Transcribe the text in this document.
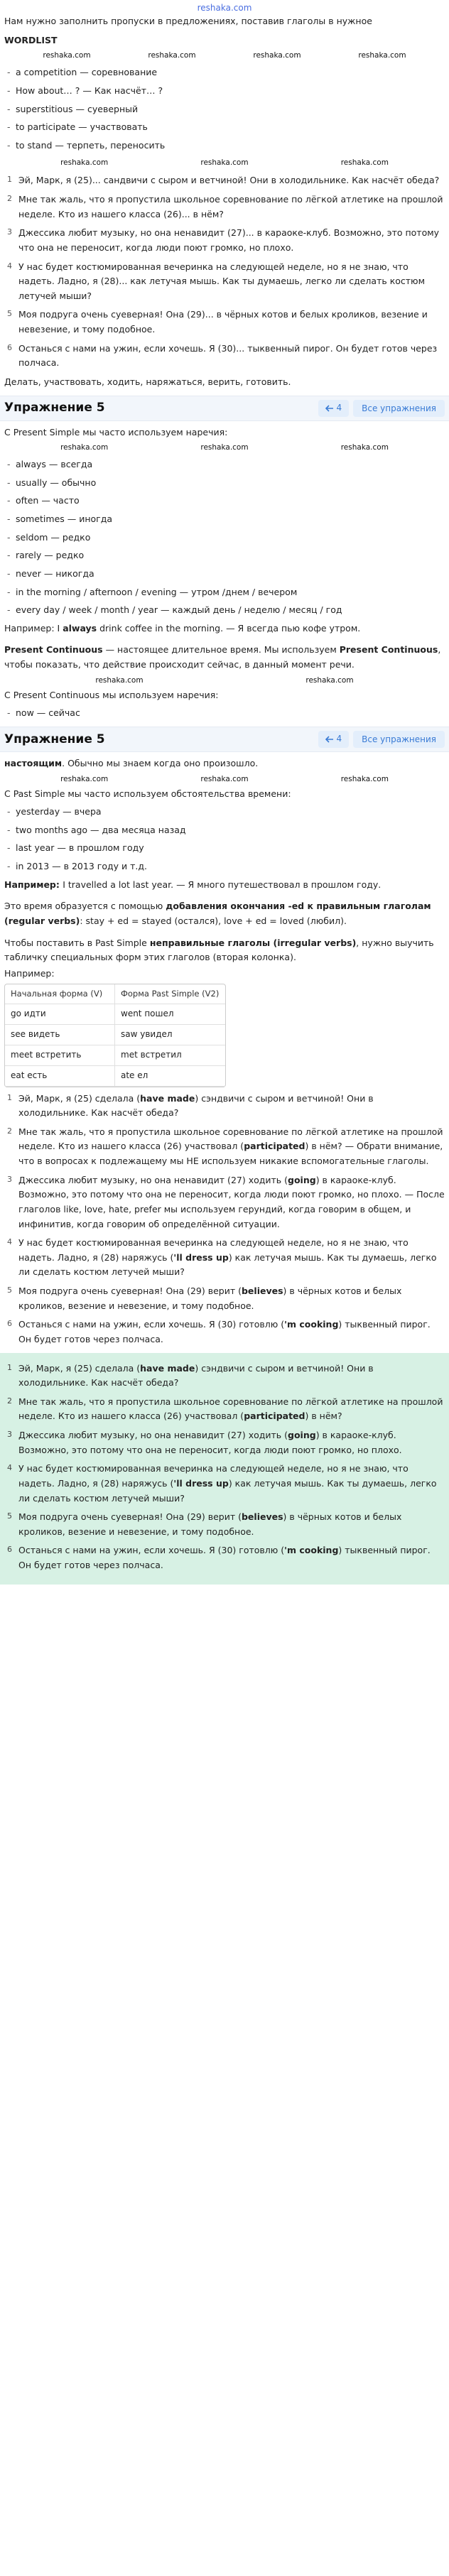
reshaka.com

Нам нужно заполнить пропуски в предложениях, поставив глаголы в нужное

WORDLIST
reshaka.com	reshaka.com	reshaka.com	reshaka.com
- a competition — соревнование
- How about… ? — Как насчёт… ?
- superstitious — суеверный
- to participate — участвовать
- to stand — терпеть, переносить
reshaka.com	reshaka.com	reshaka.com
1 Эй, Марк, я (25)... сандвичи с сыром и ветчиной! Они в холодильнике. Как насчёт обеда?
2 Мне так жаль, что я пропустила школьное соревнование по лёгкой атлетике на прошлой неделе. Кто из нашего класса (26)... в нём?
3 Джессика любит музыку, но она ненавидит (27)... в караоке-клуб. Возможно, это потому что она не переносит, когда люди поют громко, но плохо.
4 У нас будет костюмированная вечеринка на следующей неделе, но я не знаю, что надеть. Ладно, я (28)... как летучая мышь. Как ты думаешь, легко ли сделать костюм летучей мыши?
5 Моя подруга очень суеверная! Она (29)... в чёрных котов и белых кроликов, везение и невезение, и тому подобное.
6 Останься с нами на ужин, если хочешь. Я (30)... тыквенный пирог. Он будет готов через полчаса.

Делать, участвовать, ходить, наряжаться, верить, готовить.

Упражнение 5	4	Все упражнения

С Present Simple мы часто используем наречия:

reshaka.com	reshaka.com	reshaka.com
- always — всегда
- usually — обычно
- often — часто
- sometimes — иногда
- seldom — редко
- rarely — редко
- never — никогда
- in the morning / afternoon / evening — утром /днем / вечером
- every day / week / month / year — каждый день / неделю / месяц / год

Например: I always drink coffee in the morning. — Я всегда пью кофе утром.

Present Continuous — настоящее длительное время. Мы используем Present Continuous, чтобы показать, что действие происходит сейчас, в данный момент речи.

reshaka.com	reshaka.com

С Present Continuous мы используем наречия:

- now — сейчас
Упражнение 5	4	Все упражнения

настоящим. Обычно мы знаем когда оно произошло.

reshaka.com	reshaka.com	reshaka.com

С Past Simple мы часто используем обстоятельства времени:

- yesterday — вчера
- two months ago — два месяца назад
- last year — в прошлом году
- in 2013 — в 2013 году и т.д.

Например: I travelled a lot last year. — Я много путешествовал в прошлом году.

Это время образуется с помощью добавления окончания -ed к правильным глаголам (regular verbs): stay + ed = stayed (остался), love + ed = loved (любил).

Чтобы поставить в Past Simple неправильные глаголы (irregular verbs), нужно выучить табличку специальных форм этих глаголов (вторая колонка).

Например:

Начальная форма (V)	Форма Past Simple (V2)
go идти	went пошел
see видеть	saw увидел
meet встретить	met встретил
eat есть	ate ел
1 Эй, Марк, я (25) сделала (have made) сэндвичи с сыром и ветчиной! Они в холодильнике. Как насчёт обеда?
2 Мне так жаль, что я пропустила школьное соревнование по лёгкой атлетике на прошлой неделе. Кто из нашего класса (26) участвовал (participated) в нём? — Обрати внимание, что в вопросах к подлежащему мы НЕ используем никакие вспомогательные глаголы.
3 Джессика любит музыку, но она ненавидит (27) ходить (going) в караоке-клуб. Возможно, это потому что она не переносит, когда люди поют громко, но плохо. — После глаголов like, love, hate, prefer мы используем герундий, когда говорим в общем, и инфинитив, когда говорим об определённой ситуации.
4 У нас будет костюмированная вечеринка на следующей неделе, но я не знаю, что надеть. Ладно, я (28) наряжусь ('ll dress up) как летучая мышь. Как ты думаешь, легко ли сделать костюм летучей мыши?
5 Моя подруга очень суеверная! Она (29) верит (believes) в чёрных котов и белых кроликов, везение и невезение, и тому подобное.
6 Останься с нами на ужин, если хочешь. Я (30) готовлю ('m cooking) тыквенный пирог. Он будет готов через полчаса.
1 Эй, Марк, я (25) сделала (have made) сэндвичи с сыром и ветчиной! Они в холодильнике. Как насчёт обеда?
2 Мне так жаль, что я пропустила школьное соревнование по лёгкой атлетике на прошлой неделе. Кто из нашего класса (26) участвовал (participated) в нём?
3 Джессика любит музыку, но она ненавидит (27) ходить (going) в караоке-клуб. Возможно, это потому что она не переносит, когда люди поют громко, но плохо.
4 У нас будет костюмированная вечеринка на следующей неделе, но я не знаю, что надеть. Ладно, я (28) наряжусь ('ll dress up) как летучая мышь. Как ты думаешь, легко ли сделать костюм летучей мыши?
5 Моя подруга очень суеверная! Она (29) верит (believes) в чёрных котов и белых кроликов, везение и невезение, и тому подобное.
6 Останься с нами на ужин, если хочешь. Я (30) готовлю ('m cooking) тыквенный пирог. Он будет готов через полчаса.
